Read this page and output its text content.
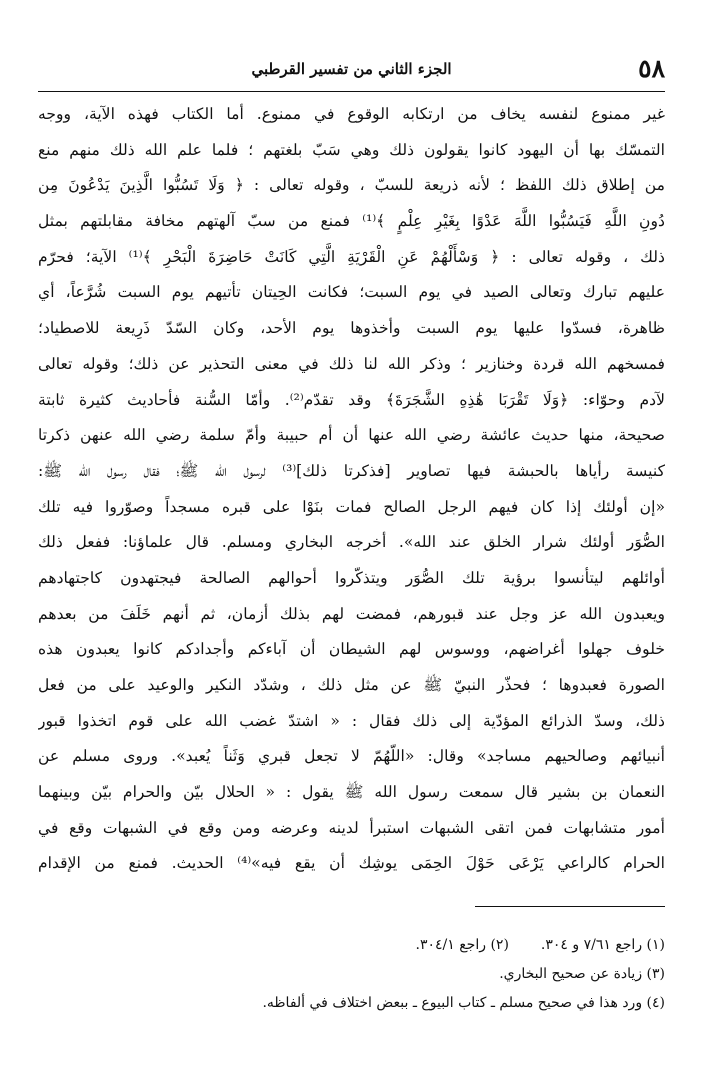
٥٨
الجزء الثاني من تفسير القرطبي
غير ممنوع لنفسه يخاف من ارتكابه الوقوع في ممنوع. أما الكتاب فهذه الآية، ووجه
التمسّك بها أن اليهود كانوا يقولون ذلك وهي سَبّ بلغتهم ؛ فلما علم الله ذلك منهم منع
من إطلاق ذلك اللفظ ؛ لأنه ذريعة للسبّ ، وقوله تعالى : ﴿ وَلَا تَسُبُّوا الَّذِينَ يَدْعُونَ مِن
دُونِ اللَّهِ فَيَسُبُّوا اللَّهَ عَدْوًا بِغَيْرِ عِلْمٍ ﴾⁽¹⁾ فمنع من سبّ آلهتهم مخافة مقابلتهم بمثل
ذلك ، وقوله تعالى : ﴿ وَسْأَلْهُمْ عَنِ الْقَرْيَةِ الَّتِي كَانَتْ حَاضِرَةَ الْبَحْرِ ﴾⁽¹⁾ الآية؛ فحرّم
عليهم تبارك وتعالى الصيد في يوم السبت؛ فكانت الحِيتان تأتيهم يوم السبت شُرَّعاً، أي
ظاهرة، فسدّوا عليها يوم السبت وأخذوها يوم الأحد، وكان السّدّ ذَرِيعة للاصطياد؛
فمسخهم الله قردة وخنازير ؛ وذكر الله لنا ذلك في معنى التحذير عن ذلك؛ وقوله تعالى
لآدم وحوّاء: ﴿وَلَا تَقْرَبَا هَٰذِهِ الشَّجَرَةَ﴾ وقد تقدّم⁽²⁾. وأمّا السُّنة فأحاديث كثيرة ثابتة
صحيحة، منها حديث عائشة رضي الله عنها أن أم حبيبة وأمّ سلمة رضي الله عنهن ذكرتا
كنيسة رأياها بالحبشة فيها تصاوير [فذكرتا ذلك]⁽³⁾ لرسول الله ﷺ؛ فقال رسول الله ﷺ:
«إن أولئك إذا كان فيهم الرجل الصالح فمات بنَوْا على قبره مسجداً وصوّروا فيه تلك
الصُّوَر أولئك شرار الخلق عند الله». أخرجه البخاري ومسلم. قال علماؤنا: ففعل ذلك
أوائلهم ليتأنسوا برؤية تلك الصُّوَر ويتذكّروا أحوالهم الصالحة فيجتهدون كاجتهادهم
ويعبدون الله عز وجل عند قبورهم، فمضت لهم بذلك أزمان، ثم أنهم خَلَفَ من بعدهم
خلوف جهلوا أغراضهم، ووسوس لهم الشيطان أن آباءكم وأجدادكم كانوا يعبدون هذه
الصورة فعبدوها ؛ فحذّر النبيّ ﷺ عن مثل ذلك ، وشدّد النكير والوعيد على من فعل
ذلك، وسدّ الذرائع المؤدّية إلى ذلك فقال : « اشتدّ غضب الله على قوم اتخذوا قبور
أنبيائهم وصالحيهم مساجد» وقال: «اللّهُمّ لا تجعل قبري وَثَناً يُعبد». وروى مسلم عن
النعمان بن بشير قال سمعت رسول الله ﷺ يقول : « الحلال بيّن والحرام بيّن وبينهما
أمور متشابهات فمن اتقى الشبهات استبرأ لدينه وعرضه ومن وقع في الشبهات وقع في
الحرام كالراعي يَرْعَى حَوْلَ الحِمَى يوشِك أن يقع فيه»⁽⁴⁾ الحديث. فمنع من الإقدام
(١) راجع ٧/٦١ و ٣٠٤.
(٢) راجع ٣٠٤/١.
(٣) زيادة عن صحيح البخاري.
(٤) ورد هذا في صحيح مسلم ـ كتاب البيوع ـ ببعض اختلاف في ألفاظه.
